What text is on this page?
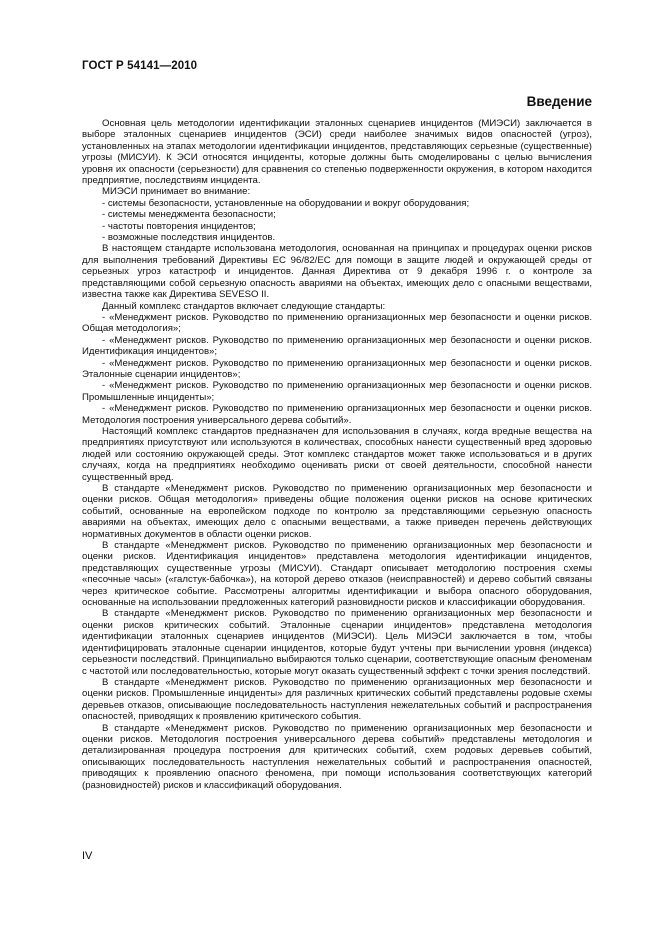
ГОСТ Р 54141—2010
Введение

Основная цель методологии идентификации эталонных сценариев инцидентов (МИЭСИ) заключается в выборе эталонных сценариев инцидентов (ЭСИ) среди наиболее значимых видов опасностей (угроз), установленных на этапах методологии идентификации инцидентов, представляющих серьезные (существенные) угрозы (МИСУИ). К ЭСИ относятся инциденты, которые должны быть смоделированы с целью вычисления уровня их опасности (серьезности) для сравнения со степенью подверженности окружения, в котором находится предприятие, последствиям инцидента.

МИЭСИ принимает во внимание:

- системы безопасности, установленные на оборудовании и вокруг оборудования;

- системы менеджмента безопасности;

- частоты повторения инцидентов;

- возможные последствия инцидентов.

В настоящем стандарте использована методология, основанная на принципах и процедурах оценки рисков для выполнения требований Директивы ЕС 96/82/ЕС для помощи в защите людей и окружающей среды от серьезных угроз катастроф и инцидентов. Данная Директива от 9 декабря 1996 г. о контроле за представляющими собой серьезную опасность авариями на объектах, имеющих дело с опасными веществами, известна также как Директива SEVESO II.

Данный комплекс стандартов включает следующие стандарты:

- «Менеджмент рисков. Руководство по применению организационных мер безопасности и оценки рисков. Общая методология»;

- «Менеджмент рисков. Руководство по применению организационных мер безопасности и оценки рисков. Идентификация инцидентов»;

- «Менеджмент рисков. Руководство по применению организационных мер безопасности и оценки рисков. Эталонные сценарии инцидентов»;

- «Менеджмент рисков. Руководство по применению организационных мер безопасности и оценки рисков. Промышленные инциденты»;

- «Менеджмент рисков. Руководство по применению организационных мер безопасности и оценки рисков. Методология построения универсального дерева событий».

Настоящий комплекс стандартов предназначен для использования в случаях, когда вредные вещества на предприятиях присутствуют или используются в количествах, способных нанести существенный вред здоровью людей или состоянию окружающей среды. Этот комплекс стандартов может также использоваться и в других случаях, когда на предприятиях необходимо оценивать риски от своей деятельности, способной нанести существенный вред.

В стандарте «Менеджмент рисков. Руководство по применению организационных мер безопасности и оценки рисков. Общая методология» приведены общие положения оценки рисков на основе критических событий, основанные на европейском подходе по контролю за представляющими серьезную опасность авариями на объектах, имеющих дело с опасными веществами, а также приведен перечень действующих нормативных документов в области оценки рисков.

В стандарте «Менеджмент рисков. Руководство по применению организационных мер безопасности и оценки рисков. Идентификация инцидентов» представлена методология идентификации инцидентов, представляющих существенные угрозы (МИСУИ). Стандарт описывает методологию построения схемы «песочные часы» («галстук-бабочка»), на которой дерево отказов (неисправностей) и дерево событий связаны через критическое событие. Рассмотрены алгоритмы идентификации и выбора опасного оборудования, основанные на использовании предложенных категорий разновидности рисков и классификации оборудования.

В стандарте «Менеджмент рисков. Руководство по применению организационных мер безопасности и оценки рисков критических событий. Эталонные сценарии инцидентов» представлена методология идентификации эталонных сценариев инцидентов (МИЭСИ). Цель МИЭСИ заключается в том, чтобы идентифицировать эталонные сценарии инцидентов, которые будут учтены при вычислении уровня (индекса) серьезности последствий. Принципиально выбираются только сценарии, соответствующие опасным феноменам с частотой или последовательностью, которые могут оказать существенный эффект с точки зрения последствий.

В стандарте «Менеджмент рисков. Руководство по применению организационных мер безопасности и оценки рисков. Промышленные инциденты» для различных критических событий представлены родовые схемы деревьев отказов, описывающие последовательность наступления нежелательных событий и распространения опасностей, приводящих к проявлению критического события.

В стандарте «Менеджмент рисков. Руководство по применению организационных мер безопасности и оценки рисков. Методология построения универсального дерева событий» представлены методология и детализированная процедура построения для критических событий, схем родовых деревьев событий, описывающих последовательность наступления нежелательных событий и распространения опасностей, приводящих к проявлению опасного феномена, при помощи использования соответствующих категорий (разновидностей) рисков и классификаций оборудования.

IV
